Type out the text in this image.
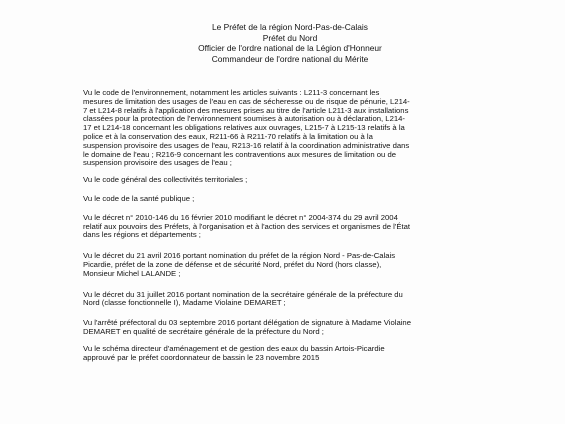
Le Préfet de la région Nord-Pas-de-Calais
Préfet du Nord
Officier de l'ordre national de la Légion d'Honneur
Commandeur de l'ordre national du Mérite
Vu le code de l'environnement, notamment les articles suivants : L211-3 concernant les
mesures de limitation des usages de l'eau en cas de sécheresse ou de risque de pénurie, L214-
7 et L214-8 relatifs à l'application des mesures prises au titre de l'article L211-3 aux installations
classées pour la protection de l'environnement soumises à autorisation ou à déclaration, L214-
17 et L214-18 concernant les obligations relatives aux ouvrages, L215-7 à L215-13 relatifs à la
police et à la conservation des eaux, R211-66 à R211-70 relatifs à la limitation ou à la
suspension provisoire des usages de l'eau, R213-16 relatif à la coordination administrative dans
le domaine de l'eau ; R216-9 concernant les contraventions aux mesures de limitation ou de
suspension provisoire des usages de l'eau ;
Vu le code général des collectivités territoriales ;
Vu le code de la santé publique ;
Vu le décret n° 2010-146 du 16 février 2010 modifiant le décret n° 2004-374 du 29 avril 2004
relatif aux pouvoirs des Préfets, à l'organisation et à l'action des services et organismes de l'État
dans les régions et départements ;
Vu le décret du 21 avril 2016 portant nomination du préfet de la région Nord - Pas-de-Calais
Picardie, préfet de la zone de défense et de sécurité Nord, préfet du Nord (hors classe),
Monsieur Michel LALANDE ;
Vu le décret du 31 juillet 2016 portant nomination de la secrétaire générale de la préfecture du
Nord (classe fonctionnelle I), Madame Violaine DEMARET ;
Vu l'arrêté préfectoral du 03 septembre 2016 portant délégation de signature à Madame Violaine
DEMARET en qualité de secrétaire générale de la préfecture du Nord ;
Vu le schéma directeur d'aménagement et de gestion des eaux du bassin Artois-Picardie
approuvé par le préfet coordonnateur de bassin le 23 novembre 2015
